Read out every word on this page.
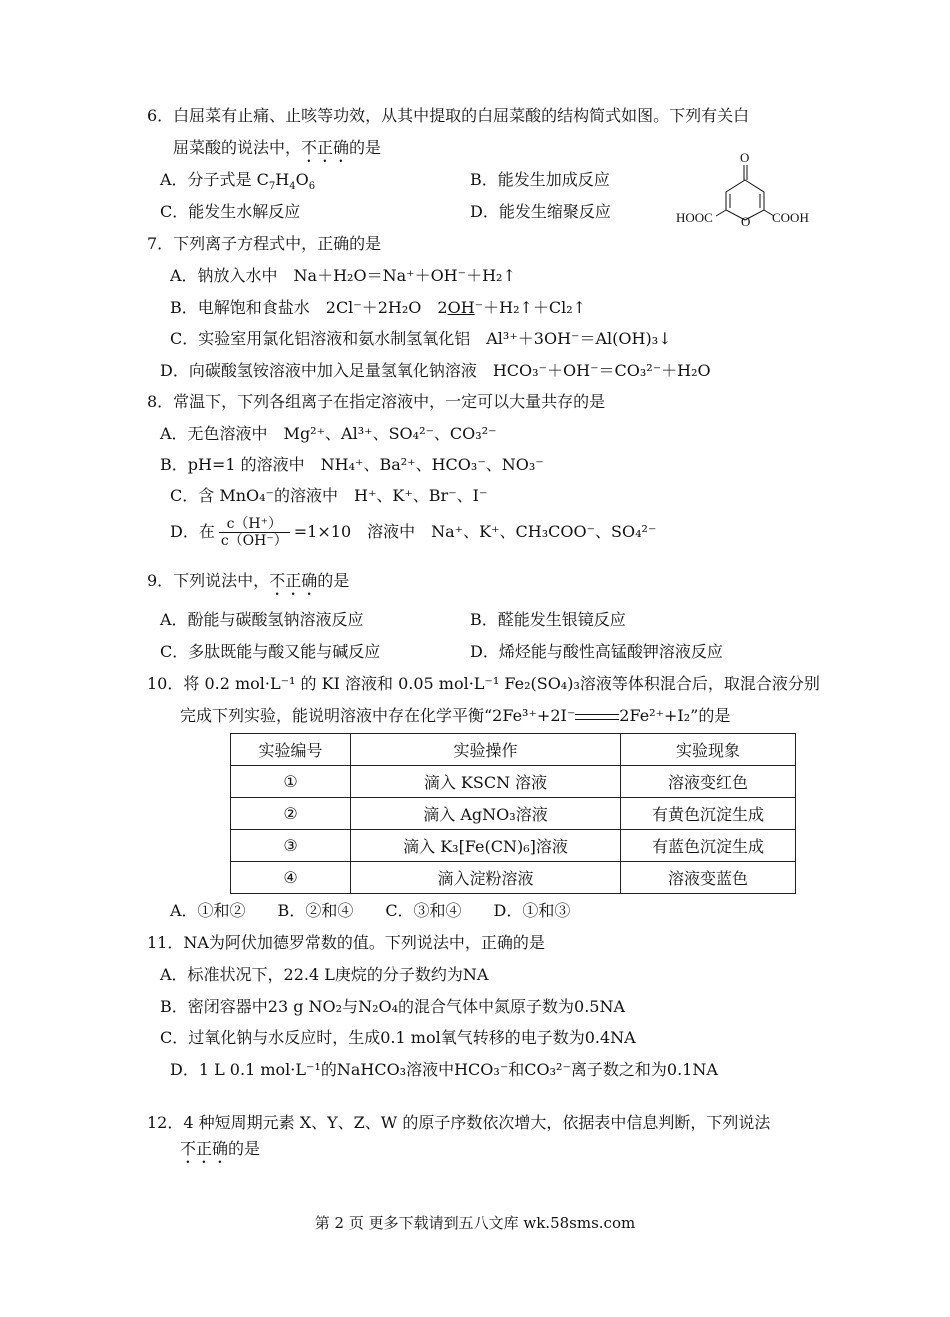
6．白屈菜有止痛、止咳等功效，从其中提取的白屈菜酸的结构简式如图。下列有关白
屈菜酸的说法中，不正确的是
A．分子式是 $C_7H_4O_6$	B．能发生加成反应
C．能发生水解反应	D．能发生缩聚反应
O
O
HOOC	COOH
7．下列离子方程式中，正确的是
A．钠放入水中　Na＋H₂O＝Na⁺＋OH⁻＋H₂↑
B．电解饱和食盐水　2Cl⁻＋2H₂O　2OH⁻＋H₂↑＋Cl₂↑
C．实验室用氯化铝溶液和氨水制氢氧化铝　Al³⁺＋3OH⁻＝Al(OH)₃↓
D．向碳酸氢铵溶液中加入足量氢氧化钠溶液　HCO₃⁻＋OH⁻＝CO₃²⁻＋H₂O
8．常温下，下列各组离子在指定溶液中，一定可以大量共存的是
A．无色溶液中　Mg²⁺、Al³⁺、SO₄²⁻、CO₃²⁻
B．pH=1 的溶液中　NH₄⁺、Ba²⁺、HCO₃⁻、NO₃⁻
C．含 MnO₄⁻的溶液中　H⁺、K⁺、Br⁻、I⁻
D．在 $\frac{c(H^+)}{c(OH^-)} =1\times 10$　 溶液中　Na⁺、K⁺、CH₃COO⁻、SO₄²⁻
9．下列说法中，不正确的是
A．酚能与碳酸氢钠溶液反应	B．醛能发生银镜反应
C．多肽既能与酸又能与碱反应	D．烯烃能与酸性高锰酸钾溶液反应
10．将 0.2 mol·L⁻¹ 的 KI 溶液和 0.05 mol·L⁻¹ Fe₂(SO₄)₃溶液等体积混合后，取混合液分别
完成下列实验，能说明溶液中存在化学平衡“2Fe³⁺+2I⁻	2Fe²⁺+I₂”的是
实验编号	实验操作	实验现象
①	滴入 KSCN 溶液	溶液变红色
②	滴入 AgNO₃溶液	有黄色沉淀生成
③	滴入 K₃[Fe(CN)₆]溶液	有蓝色沉淀生成
④	滴入淀粉溶液	溶液变蓝色
A．①和②　　B．②和④　　C．③和④　　D．①和③
11．NA为阿伏加德罗常数的值。下列说法中，正确的是
A．标准状况下，22.4 L庚烷的分子数约为NA
B．密闭容器中23 g NO₂与N₂O₄的混合气体中氮原子数为0.5NA
C．过氧化钠与水反应时，生成0.1 mol氧气转移的电子数为0.4NA
D．1 L 0.1 mol·L⁻¹的NaHCO₃溶液中HCO₃⁻和CO₃²⁻离子数之和为0.1NA
12．4 种短周期元素 X、Y、Z、W 的原子序数依次增大，依据表中信息判断，下列说法
不正确的是
第 2 页 更多下载请到五八文库 wk.58sms.com
